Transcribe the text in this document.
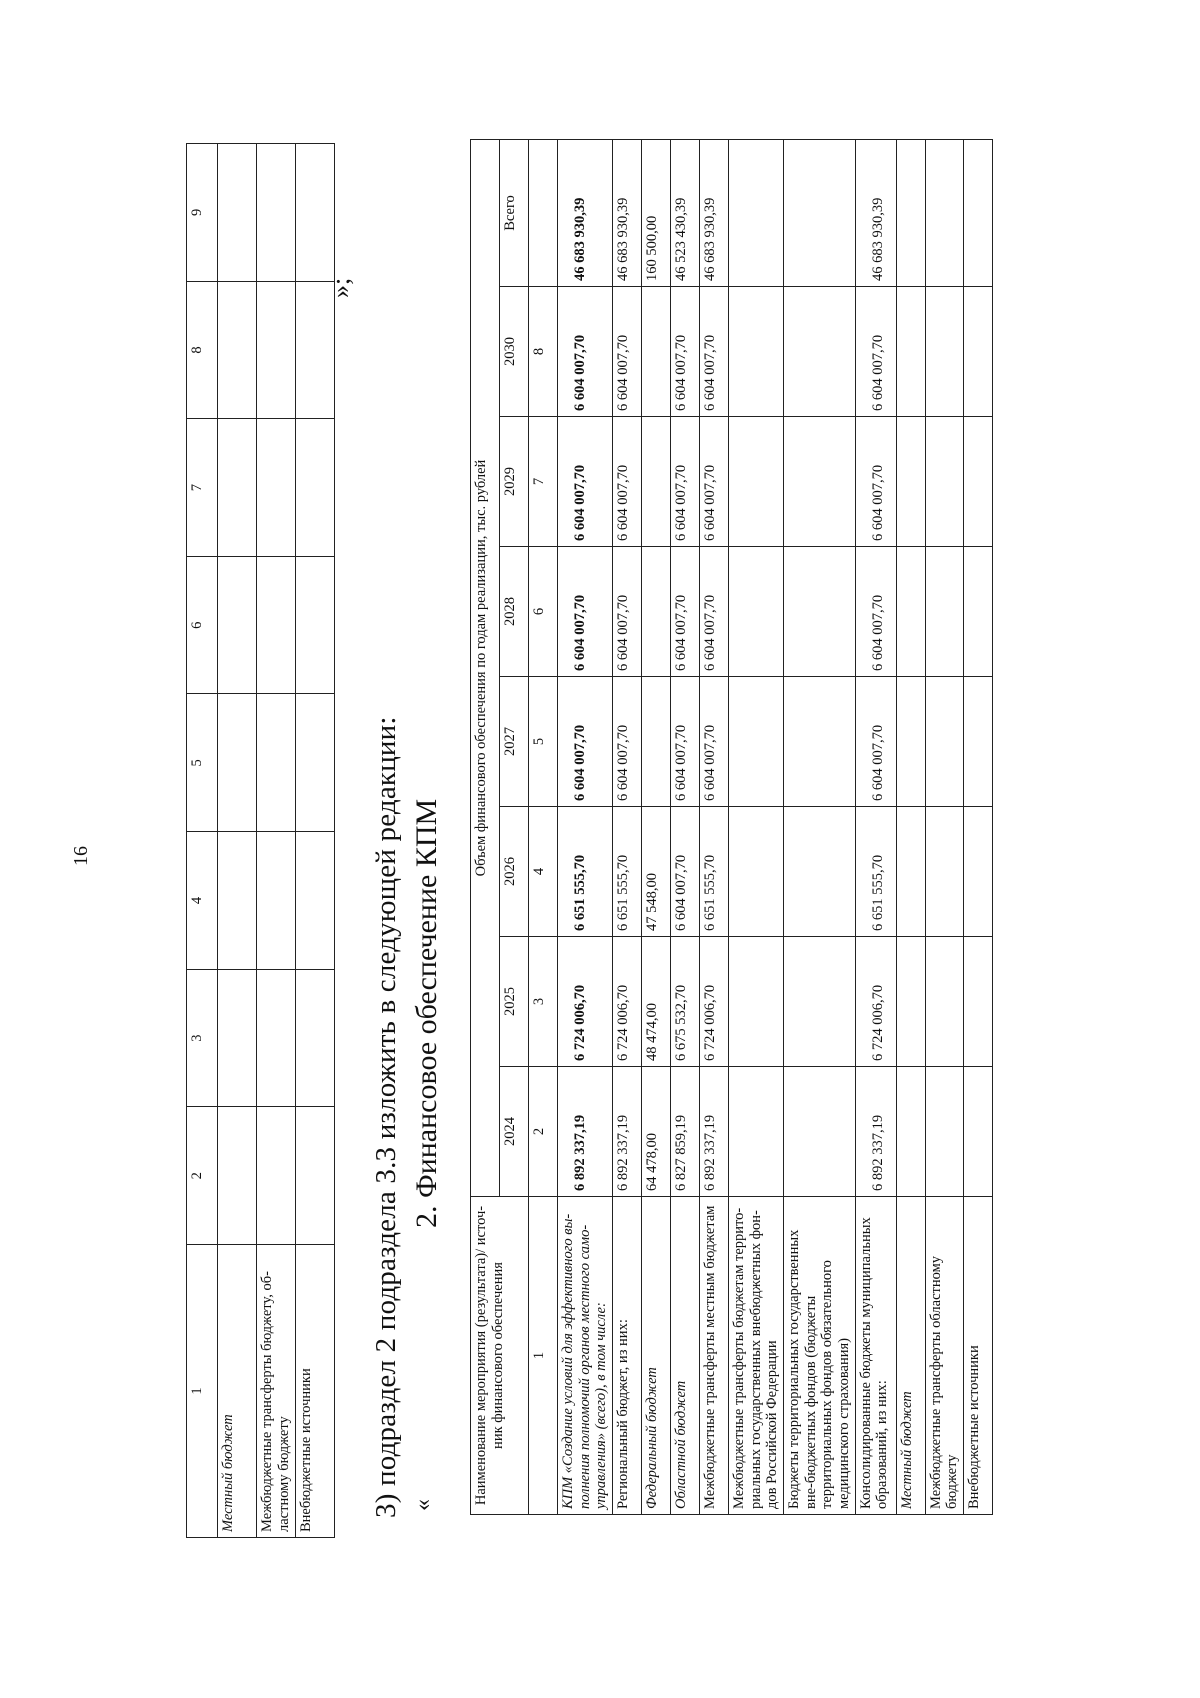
16
1	2	3	4	5	6	7	8	9
Местный бюджет								
Межбюджетные трансферты бюджету, об-ластному бюджету								
Внебюджетные источники								
»;
3) подраздел 2 подраздела 3.3 изложить в следующей редакции: «
2. Финансовое обеспечение КПМ
Наименование мероприятия (результата)/ источ-ник финансового обеспечения	Объем финансового обеспечения по годам реализации, тыс. рублей							
	2024	2025	2026	2027	2028	2029	2030	Всего
1	2	3	4	5	6	7	8	
КПМ «Создание условий для эффективного вы-полнения полномочий органов местного само-управления» (всего), в том числе:	6 892 337,19	6 724 006,70	6 651 555,70	6 604 007,70	6 604 007,70	6 604 007,70	6 604 007,70	46 683 930,39
Региональный бюджет, из них:	6 892 337,19	6 724 006,70	6 651 555,70	6 604 007,70	6 604 007,70	6 604 007,70	6 604 007,70	46 683 930,39
Федеральный бюджет	64 478,00	48 474,00	47 548,00					160 500,00
Областной бюджет	6 827 859,19	6 675 532,70	6 604 007,70	6 604 007,70	6 604 007,70	6 604 007,70	6 604 007,70	46 523 430,39
Межбюджетные трансферты местным бюджетам	6 892 337,19	6 724 006,70	6 651 555,70	6 604 007,70	6 604 007,70	6 604 007,70	6 604 007,70	46 683 930,39
Межбюджетные трансферты бюджетам террито-риальных государственных внебюджетных фон-дов Российской Федерации								
Бюджеты территориальных государственных вне-бюджетных фондов (бюджеты территориальных фондов обязательного медицинского страхования)								
Консолидированные бюджеты муниципальных образований, из них:	6 892 337,19	6 724 006,70	6 651 555,70	6 604 007,70	6 604 007,70	6 604 007,70	6 604 007,70	46 683 930,39
Местный бюджет								
Межбюджетные трансферты областному бюджету								
Внебюджетные источники								
